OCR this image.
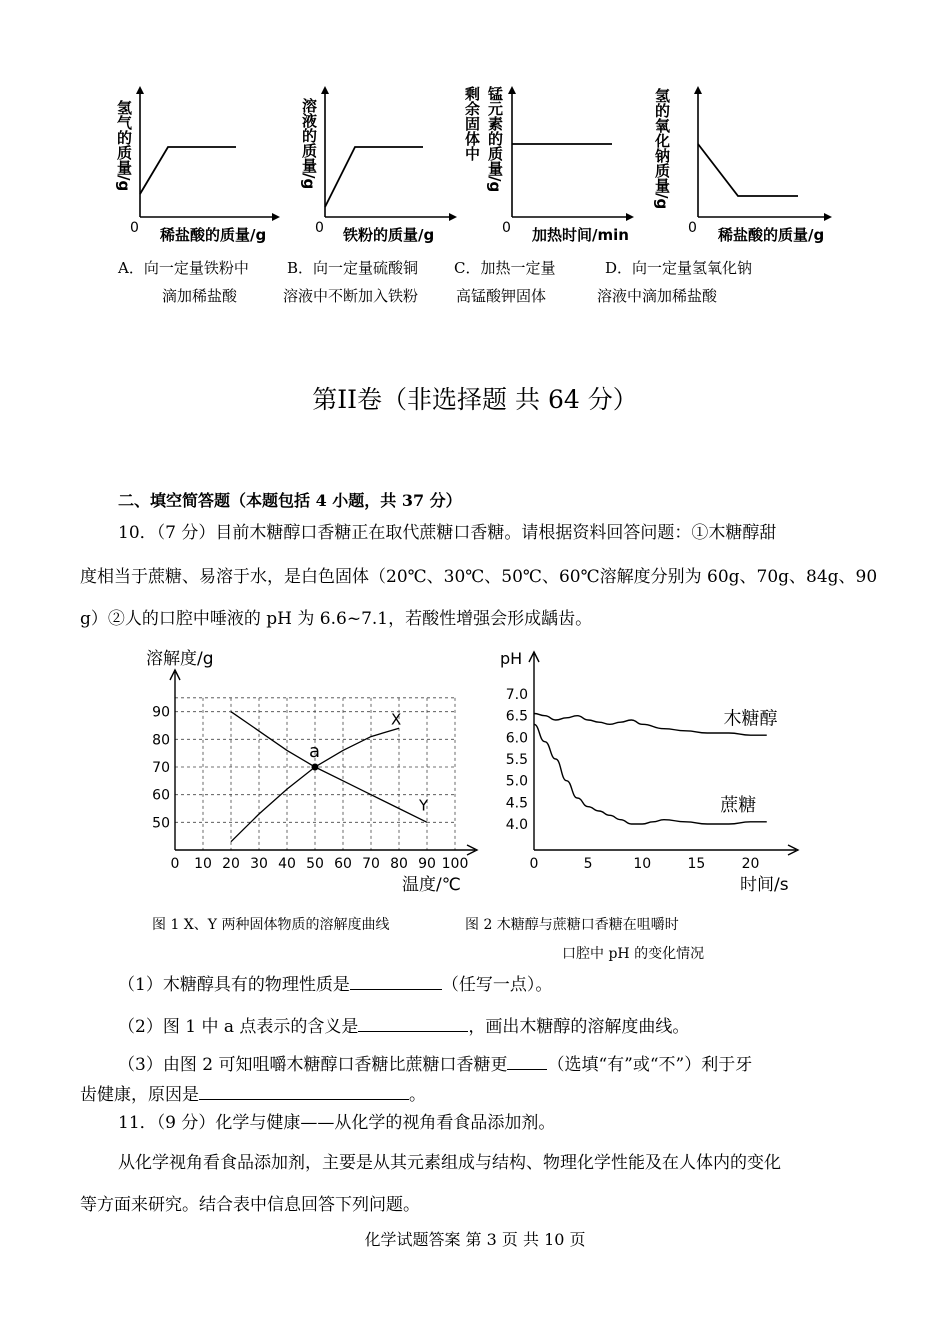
氢气的质量/g
0 稀盐酸的质量/g
溶液的质量/g
0 铁粉的质量/g
剩余固体中 锰元素的质量/g
0 加热时间/min
氢的氧化钠质量/g
0 稀盐酸的质量/g
A．向一定量铁粉中
滴加稀盐酸
B．向一定量硫酸铜
溶液中不断加入铁粉
C．加热一定量
高锰酸钾固体
D．向一定量氢氧化钠
溶液中滴加稀盐酸
第II卷（非选择题 共 64 分）
二、填空简答题（本题包括 4 小题，共 37 分）
10．（7 分）目前木糖醇口香糖正在取代蔗糖口香糖。请根据资料回答问题：①木糖醇甜
度相当于蔗糖、易溶于水，是白色固体（20℃、30℃、50℃、60℃溶解度分别为 60g、70g、84g、90
g）②人的口腔中唾液的 pH 为 6.6~7.1，若酸性增强会形成龋齿。
0 10 20 30 40 50 60 70 80 90 100
50
60
70
80
90	X
Y
a
溶解度/g
温度/℃
0	5	10	15	20
7.0
6.5
6.0
5.5
5.0
4.5
4.0
木糖醇
蔗糖
pH
时间/s
图 1 X、Y 两种固体物质的溶解度曲线	图 2 木糖醇与蔗糖口香糖在咀嚼时
口腔中 pH 的变化情况
（1）木糖醇具有的物理性质是	（任写一点）。
（2）图 1 中 a 点表示的含义是	，画出木糖醇的溶解度曲线。
（3）由图 2 可知咀嚼木糖醇口香糖比蔗糖口香糖更 （选填“有”或“不”）利于牙
齿健康，原因是	。
11．（9 分）化学与健康——从化学的视角看食品添加剂。
从化学视角看食品添加剂，主要是从其元素组成与结构、物理化学性能及在人体内的变化
等方面来研究。结合表中信息回答下列问题。
化学试题答案 第 3 页 共 10 页
